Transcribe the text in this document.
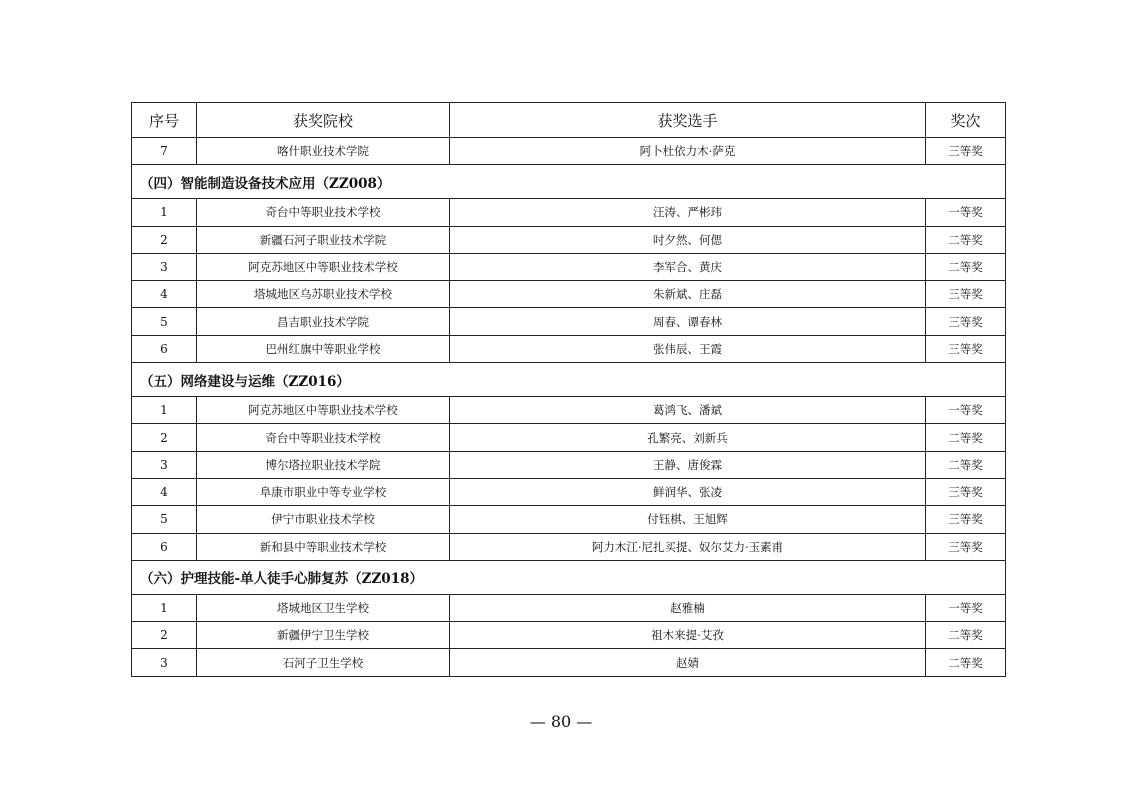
序号	获奖院校	获奖选手	奖次
7	喀什职业技术学院	阿卜杜依力木·萨克	三等奖
（四）智能制造设备技术应用（ZZ008）			
1	奇台中等职业技术学校	汪涛、严彬玮	一等奖
2	新疆石河子职业技术学院	吋夕然、何偲	二等奖
3	阿克苏地区中等职业技术学校	李军合、黄庆	二等奖
4	塔城地区乌苏职业技术学校	朱新斌、庄磊	三等奖
5	昌吉职业技术学院	周春、谭春林	三等奖
6	巴州红旗中等职业学校	张伟辰、王霞	三等奖
（五）网络建设与运维（ZZ016）			
1	阿克苏地区中等职业技术学校	葛鸿飞、潘斌	一等奖
2	奇台中等职业技术学校	孔繁亮、刘新兵	二等奖
3	博尔塔拉职业技术学院	王静、唐俊霖	二等奖
4	阜康市职业中等专业学校	鲜润华、张凌	三等奖
5	伊宁市职业技术学校	付钰棋、王旭辉	三等奖
6	新和县中等职业技术学校	阿力木江·尼扎买提、奴尔艾力·玉素甫	三等奖
（六）护理技能-单人徒手心肺复苏（ZZ018）			
1	塔城地区卫生学校	赵雅楠	一等奖
2	新疆伊宁卫生学校	祖木来提·艾孜	二等奖
3	石河子卫生学校	赵婧	二等奖
— 80 —
